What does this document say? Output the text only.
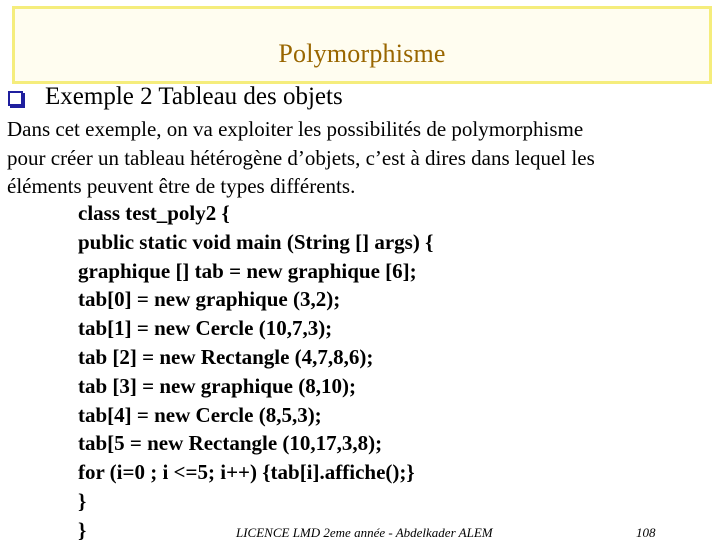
Polymorphisme
Exemple 2 Tableau des objets
Dans cet exemple, on va exploiter les possibilités de polymorphisme
pour créer un tableau hétérogène d’objets, c’est à dires dans lequel les
éléments peuvent être de types différents.
class test_poly2 {
public static void main (String [] args) {
graphique [] tab = new graphique [6];
tab[0] = new graphique (3,2);
tab[1] = new Cercle (10,7,3);
tab [2] = new Rectangle (4,7,8,6);
tab [3] = new graphique (8,10);
tab[4] = new Cercle (8,5,3);
tab[5 = new Rectangle (10,17,3,8);
for (i=0 ; i <=5; i++) {tab[i].affiche();}
}
}	LICENCE LMD 2eme année - Abdelkader ALEM	108
